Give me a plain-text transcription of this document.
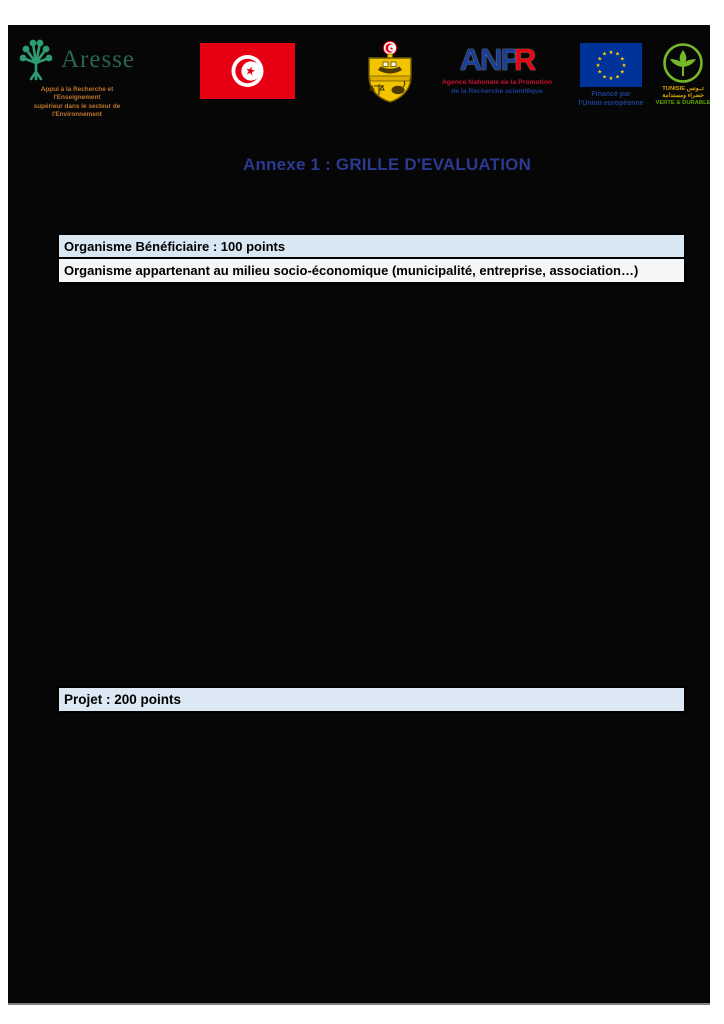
Aresse
Appui à la Recherche et l'Enseignement
supérieur dans le secteur de l'Environnement
★
★	ANPR
Agence Nationale de la Promotion
de la Recherche scientifique
★ ★
★
★
★
★
★
★
★
★
★
★
Financé par
l'Union européenne
TUNISIE تــونس
خضراء ومستدامة
VERTE & DURABLE
Annexe 1 : GRILLE D'EVALUATION
Organisme Bénéficiaire : 100 points
Organisme appartenant au milieu socio-économique (municipalité, entreprise, association…)
Projet : 200 points
